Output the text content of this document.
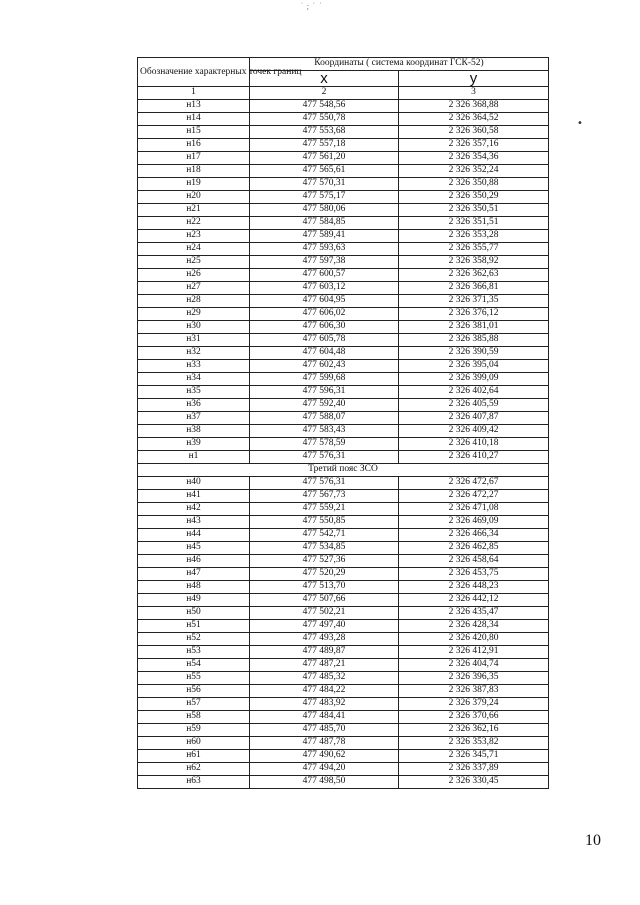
˙ ; ˙ ˙
•
Обозначение характерных точек границ	Координаты ( система координат ГСК-52)	
	x	y
1	2	3
н13	477 548,56	2 326 368,88
н14	477 550,78	2 326 364,52
н15	477 553,68	2 326 360,58
н16	477 557,18	2 326 357,16
н17	477 561,20	2 326 354,36
н18	477 565,61	2 326 352,24
н19	477 570,31	2 326 350,88
н20	477 575,17	2 326 350,29
н21	477 580,06	2 326 350,51
н22	477 584,85	2 326 351,51
н23	477 589,41	2 326 353,28
н24	477 593,63	2 326 355,77
н25	477 597,38	2 326 358,92
н26	477 600,57	2 326 362,63
н27	477 603,12	2 326 366,81
н28	477 604,95	2 326 371,35
н29	477 606,02	2 326 376,12
н30	477 606,30	2 326 381,01
н31	477 605,78	2 326 385,88
н32	477 604,48	2 326 390,59
н33	477 602,43	2 326 395,04
н34	477 599,68	2 326 399,09
н35	477 596,31	2 326 402,64
н36	477 592,40	2 326 405,59
н37	477 588,07	2 326 407,87
н38	477 583,43	2 326 409,42
н39	477 578,59	2 326 410,18
н1	477 576,31	2 326 410,27
Третий пояс ЗСО		
н40	477 576,31	2 326 472,67
н41	477 567,73	2 326 472,27
н42	477 559,21	2 326 471,08
н43	477 550,85	2 326 469,09
н44	477 542,71	2 326 466,34
н45	477 534,85	2 326 462,85
н46	477 527,36	2 326 458,64
н47	477 520,29	2 326 453,75
н48	477 513,70	2 326 448,23
н49	477 507,66	2 326 442,12
н50	477 502,21	2 326 435,47
н51	477 497,40	2 326 428,34
н52	477 493,28	2 326 420,80
н53	477 489,87	2 326 412,91
н54	477 487,21	2 326 404,74
н55	477 485,32	2 326 396,35
н56	477 484,22	2 326 387,83
н57	477 483,92	2 326 379,24
н58	477 484,41	2 326 370,66
н59	477 485,70	2 326 362,16
н60	477 487,78	2 326 353,82
н61	477 490,62	2 326 345,71
н62	477 494,20	2 326 337,89
н63	477 498,50	2 326 330,45
10
